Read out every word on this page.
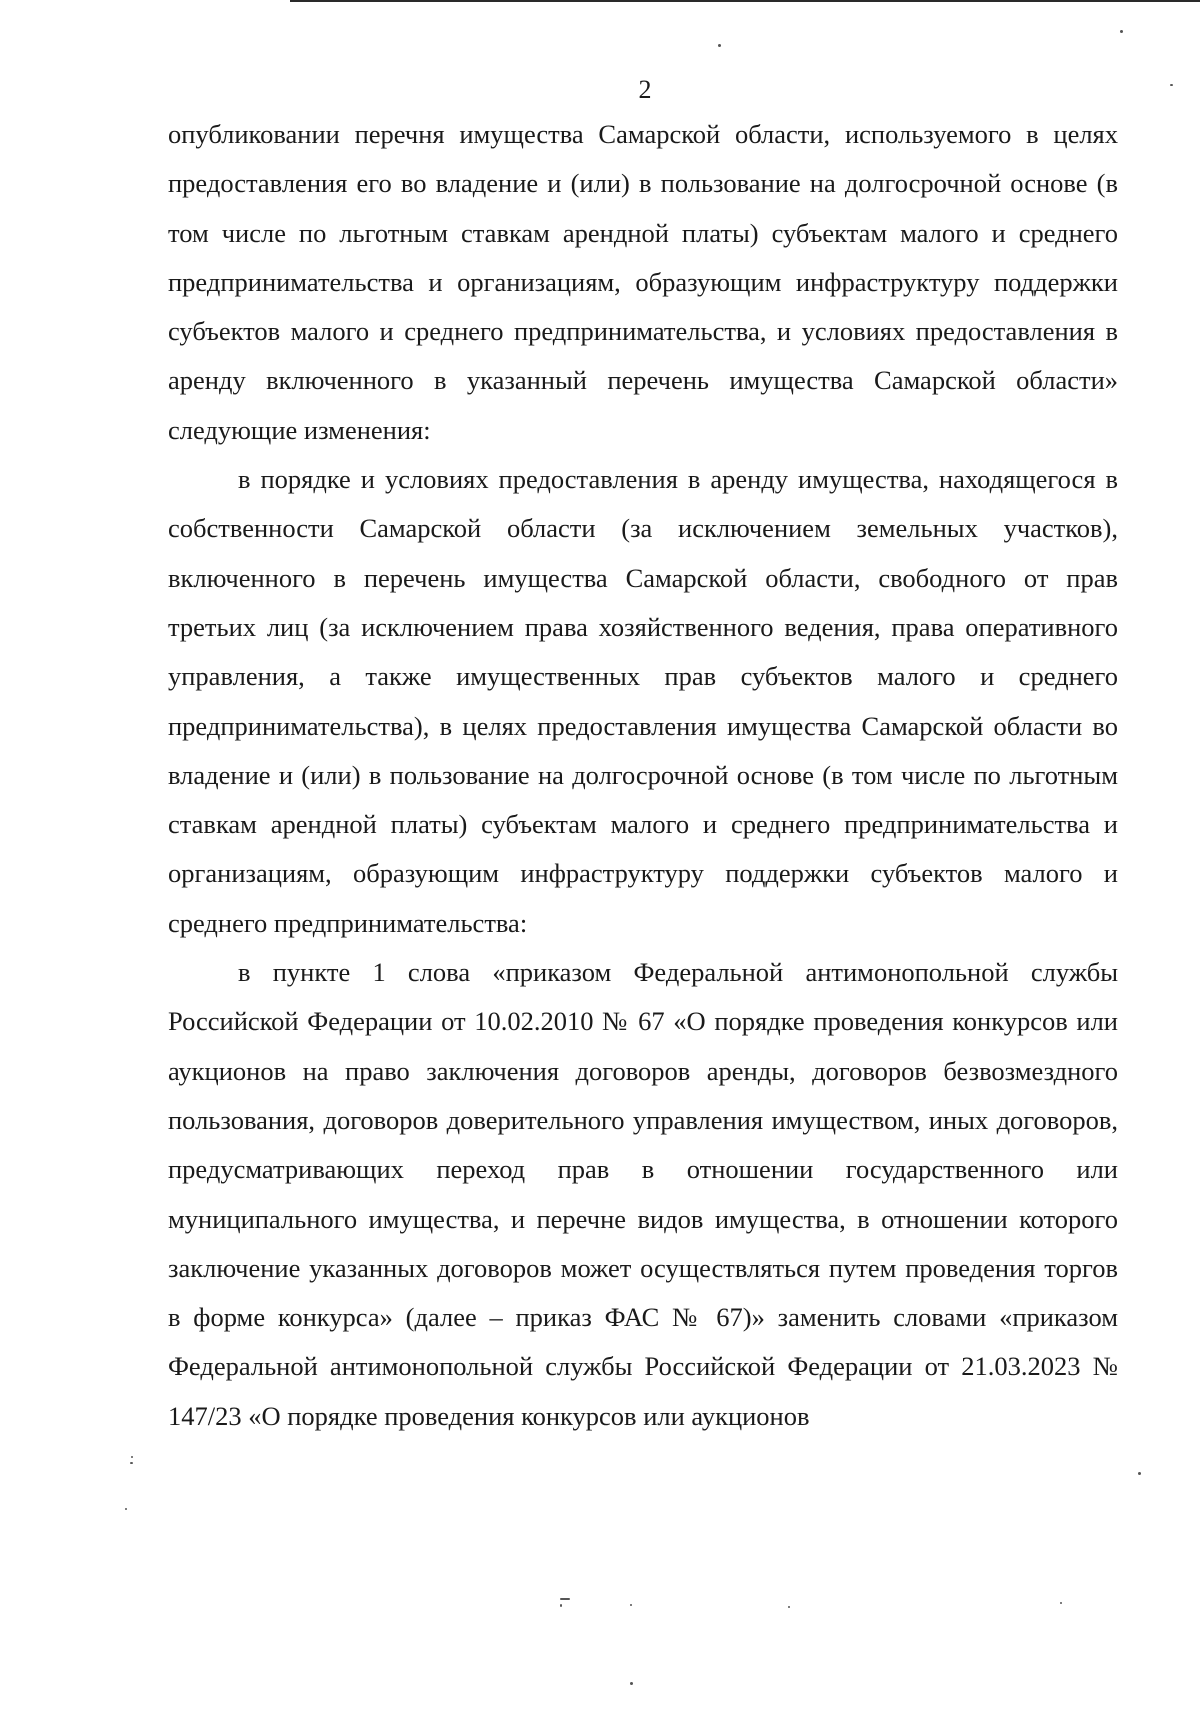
2

опубликовании перечня имущества Самарской области, используемого в целях предоставления его во владение и (или) в пользование на долгосрочной основе (в том числе по льготным ставкам арендной платы) субъектам малого и среднего предпринимательства и организациям, образующим инфраструктуру поддержки субъектов малого и среднего предпринимательства, и условиях предоставления в аренду включенного в указанный перечень имущества Самарской области» следующие изменения:

в порядке и условиях предоставления в аренду имущества, находящегося в собственности Самарской области (за исключением земельных участков), включенного в перечень имущества Самарской области, свободного от прав третьих лиц (за исключением права хозяйственного ведения, права оперативного управления, а также имущественных прав субъектов малого и среднего предпринимательства), в целях предоставления имущества Самарской области во владение и (или) в пользование на долгосрочной основе (в том числе по льготным ставкам арендной платы) субъектам малого и среднего предпринимательства и организациям, образующим инфраструктуру поддержки субъектов малого и среднего предпринимательства:

в пункте 1 слова «приказом Федеральной антимонопольной службы Российской Федерации от 10.02.2010 № 67 «О порядке проведения конкурсов или аукционов на право заключения договоров аренды, договоров безвозмездного пользования, договоров доверительного управления имуществом, иных договоров, предусматривающих переход прав в отношении государственного или муниципального имущества, и перечне видов имущества, в отношении которого заключение указанных договоров может осуществляться путем проведения торгов в форме конкурса» (далее – приказ ФАС № 67)» заменить словами «приказом Федеральной антимонопольной службы Российской Федерации от 21.03.2023 № 147/23 «О порядке проведения конкурсов или аукционов
